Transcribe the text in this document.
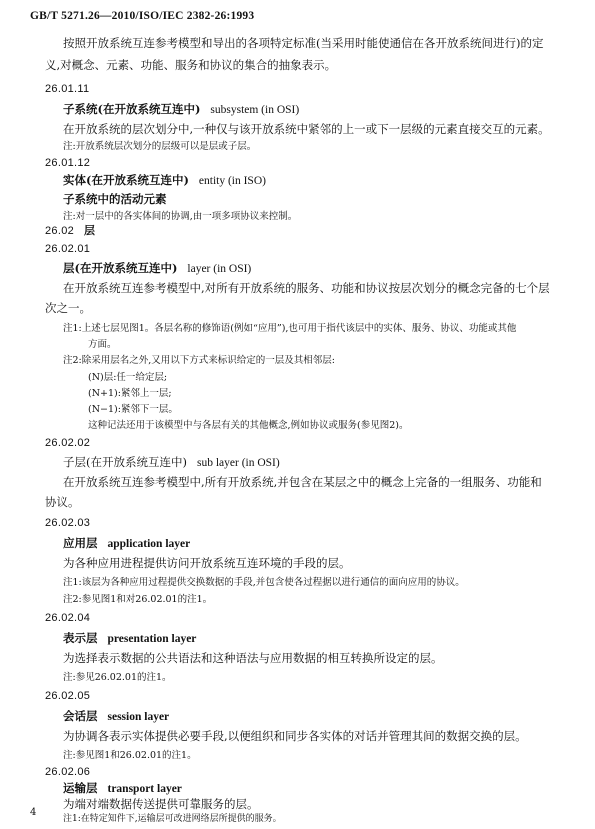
GB/T 5271.26—2010/ISO/IEC 2382-26:1993
按照开放系统互连参考模型和导出的各项特定标准(当采用时能使通信在各开放系统间进行)的定
义,对概念、元素、功能、服务和协议的集合的抽象表示。
26.01.11
子系统(在开放系统互连中) subsystem (in OSI)
在开放系统的层次划分中,一种仅与该开放系统中紧邻的上一或下一层级的元素直接交互的元素。
注:开放系统层次划分的层级可以是层或子层。
26.01.12
实体(在开放系统互连中) entity (in ISO)
子系统中的活动元素
注:对一层中的各实体间的协调,由一项多项协议来控制。
26.02 层
26.02.01
层(在开放系统互连中) layer (in OSI)
在开放系统互连参考模型中,对所有开放系统的服务、功能和协议按层次划分的概念完备的七个层
次之一。
注1:上述七层见图1。各层名称的修饰语(例如“应用”),也可用于指代该层中的实体、服务、协议、功能或其他
方面。
注2:除采用层名之外,又用以下方式来标识给定的一层及其相邻层:
(N)层:任一给定层;
(N+1):紧邻上一层;
(N−1):紧邻下一层。
这种记法还用于该模型中与各层有关的其他概念,例如协议或服务(参见图2)。
26.02.02
子层(在开放系统互连中) sub layer (in OSI)
在开放系统互连参考模型中,所有开放系统,并包含在某层之中的概念上完备的一组服务、功能和
协议。
26.02.03
应用层 application layer
为各种应用进程提供访问开放系统互连环境的手段的层。
注1:该层为各种应用过程提供交换数据的手段,并包含使各过程据以进行通信的面向应用的协议。
注2:参见图1和对26.02.01的注1。
26.02.04
表示层 presentation layer
为选择表示数据的公共语法和这种语法与应用数据的相互转换所设定的层。
注:参见26.02.01的注1。
26.02.05
会话层 session layer
为协调各表示实体提供必要手段,以便组织和同步各实体的对话并管理其间的数据交换的层。
注:参见图1和26.02.01的注1。
26.02.06
运输层 transport layer
为端对端数据传送提供可靠服务的层。
注1:在特定知件下,运输层可改进网络层所提供的服务。
4
